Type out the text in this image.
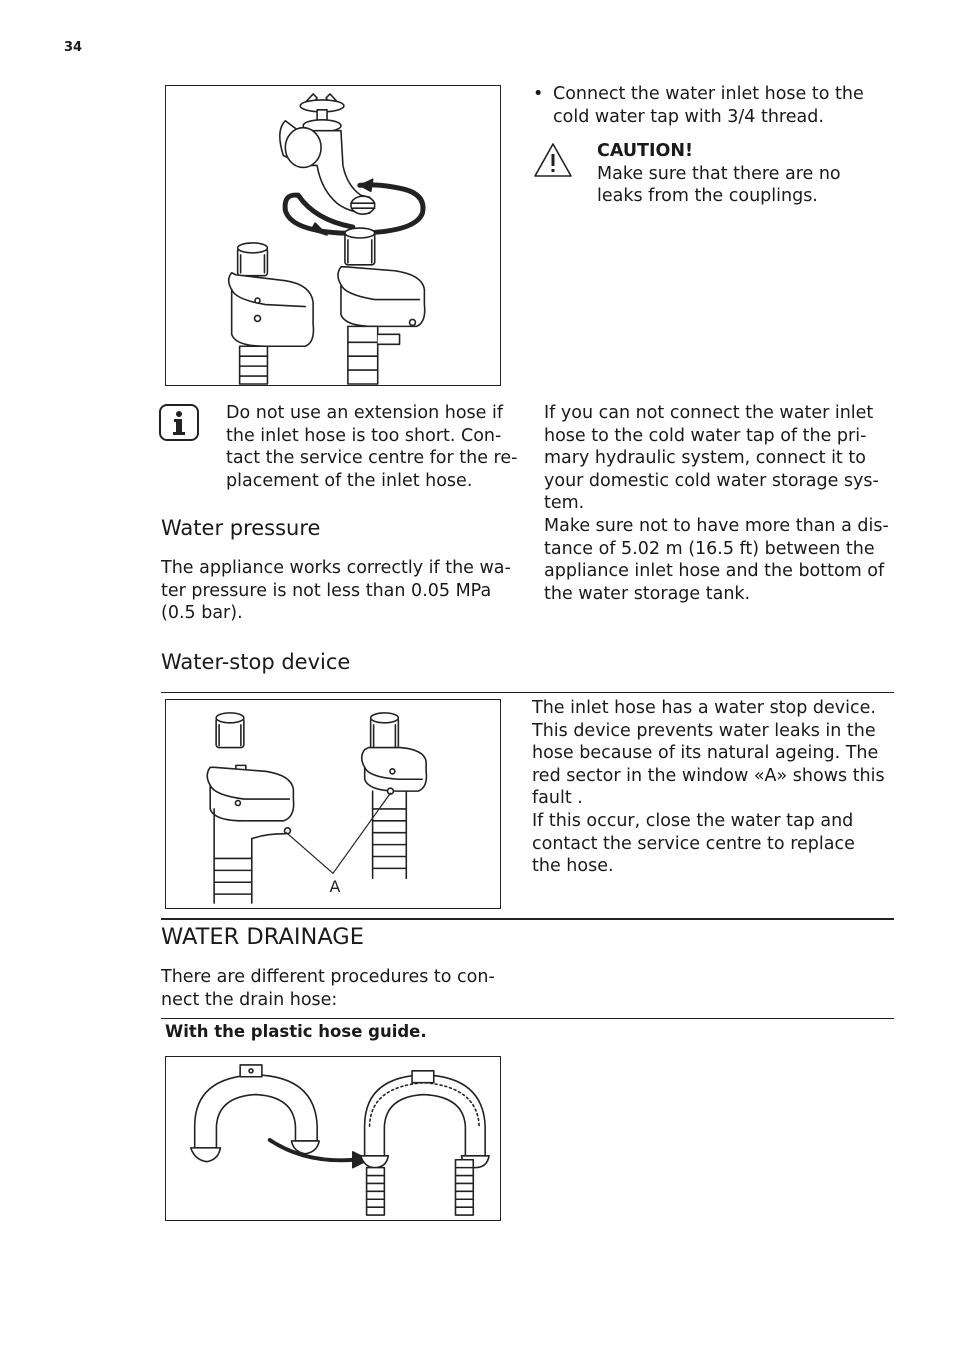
34
• Connect the water inlet hose to the cold water tap with 3/4 thread.
CAUTION!
Make sure that there are no leaks from the couplings.
Do not use an extension hose if the inlet hose is too short. Con-tact the service centre for the re-placement of the inlet hose.
Water pressure
The appliance works correctly if the wa-ter pressure is not less than 0.05 MPa (0.5 bar).

If you can not connect the water inlet hose to the cold water tap of the pri-mary hydraulic system, connect it to your domestic cold water storage sys-tem.

Make sure not to have more than a dis-tance of 5.02 m (16.5 ft) between the appliance inlet hose and the bottom of the water storage tank.

Water-stop device
A

The inlet hose has a water stop device. This device prevents water leaks in the hose because of its natural ageing. The red sector in the window «A» shows this fault .

If this occur, close the water tap and contact the service centre to replace the hose.

WATER DRAINAGE
There are different procedures to con-nect the drain hose:
With the plastic hose guide.
